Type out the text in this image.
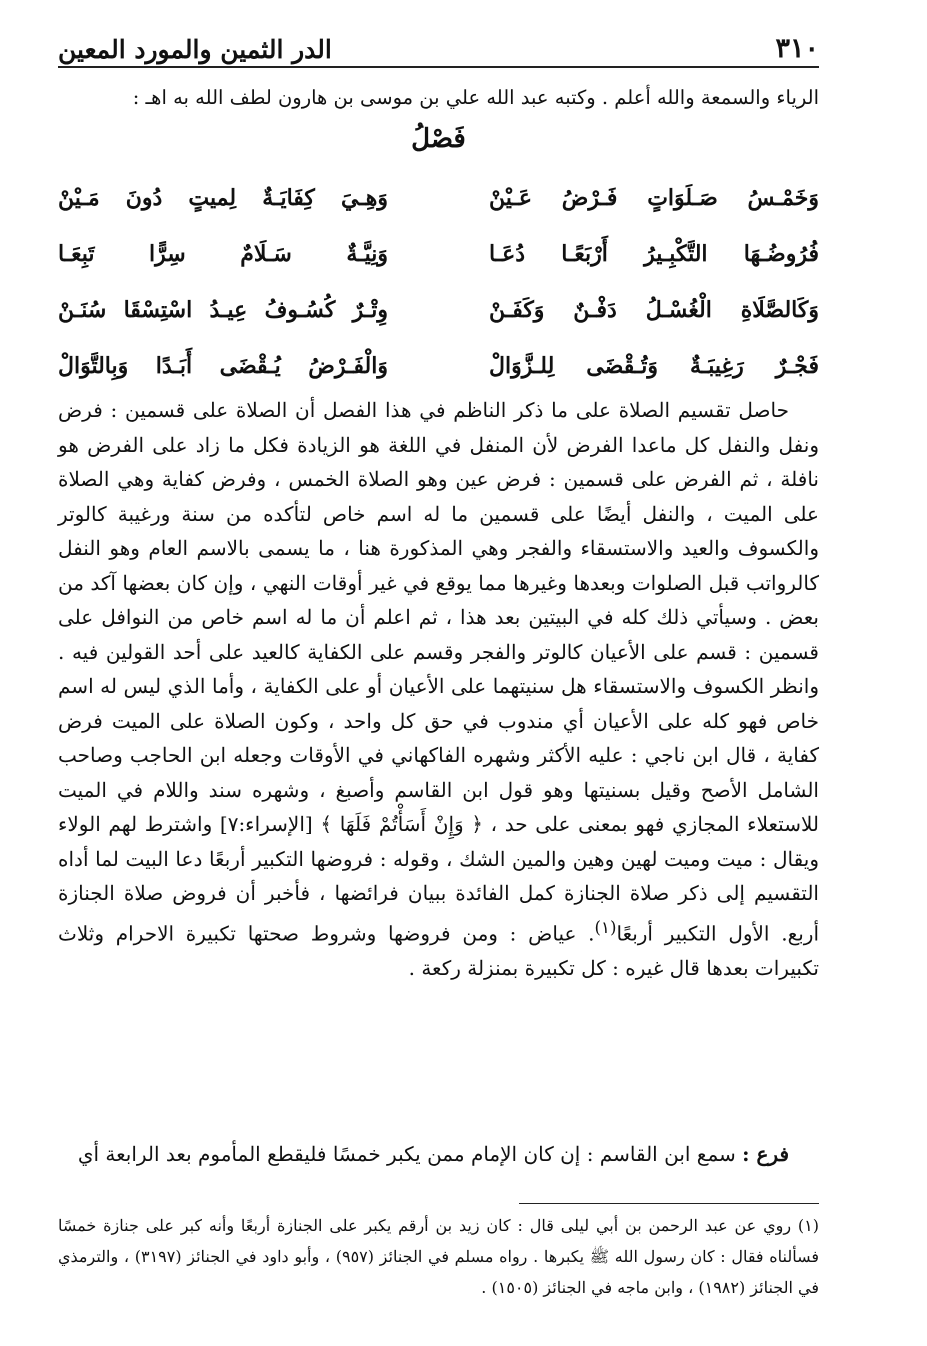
٣١٠
الدر الثمين والمورد المعين
الرياء والسمعة والله أعلم . وكتبه عبد الله علي بن موسى بن هارون لطف الله به اهـ :
فَصْلُ
وَخَمْـسُ صَـلَوَاتٍ فَـرْضُ عَـيْنْ
وَهِـيَ كِفَايَـةٌ لِميتٍ دُونَ مَـيْنْ
فُرُوضُـهَا التَّكْبِـيرُ أَرْبَعًـا دُعَـا
وَنِيَّـةٌ سَـلَامٌ سِرًّا تَبِعَـا
وَكَالصَّلَاةِ الْغُسْـلُ دَفْـنٌ وَكَفَـنْ
وِتْـرٌ كُسُـوفُ عِيـدُ اسْتِسْقَا سُنَـنْ
فَجْـرٌ رَغِيبَـةٌ وَتُـقْضَى لِلـزَّوَالْ
وَالْفَـرْضُ يُـقْضَى أَبَـدًا وَبِالتَّوَالْ

حاصل تقسيم الصلاة على ما ذكر الناظم في هذا الفصل أن الصلاة على قسمين : فرض ونفل والنفل كل ماعدا الفرض لأن المنفل في اللغة هو الزيادة فكل ما زاد على الفرض هو نافلة ، ثم الفرض على قسمين : فرض عين وهو الصلاة الخمس ، وفرض كفاية وهي الصلاة على الميت ، والنفل أيضًا على قسمين ما له اسم خاص لتأكده من سنة ورغيبة كالوتر والكسوف والعيد والاستسقاء والفجر وهي المذكورة هنا ، ما يسمى بالاسم العام وهو النفل كالرواتب قبل الصلوات وبعدها وغيرها مما يوقع في غير أوقات النهي ، وإن كان بعضها آكد من بعض . وسيأتي ذلك كله في البيتين بعد هذا ، ثم اعلم أن ما له اسم خاص من النوافل على قسمين : قسم على الأعيان كالوتر والفجر وقسم على الكفاية كالعيد على أحد القولين فيه . وانظر الكسوف والاستسقاء هل سنيتهما على الأعيان أو على الكفاية ، وأما الذي ليس له اسم خاص فهو كله على الأعيان أي مندوب في حق كل واحد ، وكون الصلاة على الميت فرض كفاية ، قال ابن ناجي : عليه الأكثر وشهره الفاكهاني في الأوقات وجعله ابن الحاجب وصاحب الشامل الأصح وقيل بسنيتها وهو قول ابن القاسم وأصبغ ، وشهره سند واللام في الميت للاستعلاء المجازي فهو بمعنى على حد ، ﴿ وَإِنْ أَسَأْتُمْ فَلَهَا ﴾ [الإسراء:٧] واشترط لهم الولاء ويقال : ميت وميت لهين وهين والمين الشك ، وقوله : فروضها التكبير أربعًا دعا البيت لما أداه التقسيم إلى ذكر صلاة الجنازة كمل الفائدة ببيان فرائضها ، فأخبر أن فروض صلاة الجنازة أربع. الأول التكبير أربعًا$^{(١)}$. عياض : ومن فروضها وشروط صحتها تكبيرة الاحرام وثلاث تكبيرات بعدها قال غيره : كل تكبيرة بمنزلة ركعة .

فرع : سمع ابن القاسم : إن كان الإمام ممن يكبر خمسًا فليقطع المأموم بعد الرابعة أي
(١) روي عن عبد الرحمن بن أبي ليلى قال : كان زيد بن أرقم يكبر على الجنازة أربعًا وأنه كبر على جنازة خمسًا فسألناه فقال : كان رسول الله ﷺ يكبرها . رواه مسلم في الجنائز (٩٥٧) ، وأبو داود في الجنائز (٣١٩٧) ، والترمذي في الجنائز (١٩٨٢) ، وابن ماجه في الجنائز (١٥٠٥) .
